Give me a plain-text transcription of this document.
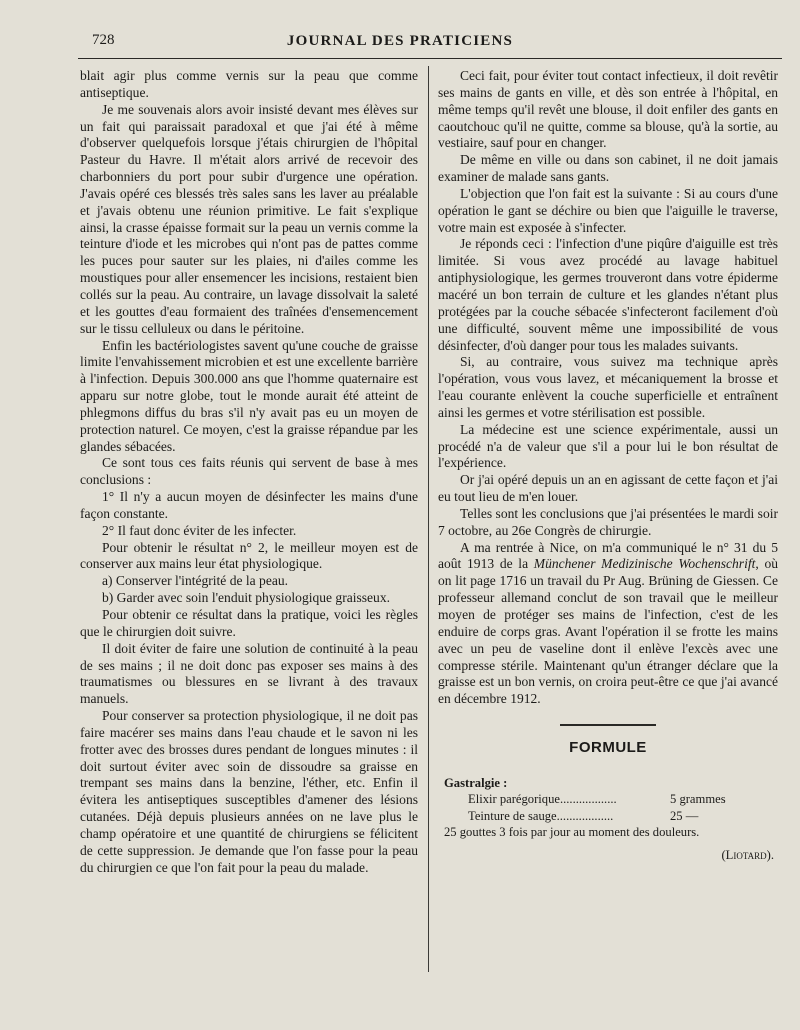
728	JOURNAL DES PRATICIENS

blait agir plus comme vernis sur la peau que comme antiseptique.

Je me souvenais alors avoir insisté devant mes élèves sur un fait qui paraissait paradoxal et que j'ai été à même d'observer quelquefois lorsque j'étais chirurgien de l'hôpital Pasteur du Havre. Il m'était alors arrivé de recevoir des charbonniers du port pour subir d'urgence une opération. J'avais opéré ces blessés très sales sans les laver au préalable et j'avais obtenu une réunion primitive. Le fait s'explique ainsi, la crasse épaisse formait sur la peau un vernis comme la teinture d'iode et les microbes qui n'ont pas de pattes comme les puces pour sauter sur les plaies, ni d'ailes comme les moustiques pour aller ensemencer les incisions, restaient bien collés sur la peau. Au contraire, un lavage dissolvait la saleté et les gouttes d'eau formaient des traînées d'ensemencement sur le tissu celluleux ou dans le péritoine.

Enfin les bactériologistes savent qu'une couche de graisse limite l'envahissement microbien et est une excellente barrière à l'infection. Depuis 300.000 ans que l'homme quaternaire est apparu sur notre globe, tout le monde aurait été atteint de phlegmons diffus du bras s'il n'y avait pas eu un moyen de protection naturel. Ce moyen, c'est la graisse répandue par les glandes sébacées.

Ce sont tous ces faits réunis qui servent de base à mes conclusions :

1° Il n'y a aucun moyen de désinfecter les mains d'une façon constante.

2° Il faut donc éviter de les infecter.

Pour obtenir le résultat n° 2, le meilleur moyen est de conserver aux mains leur état physiologique.

a) Conserver l'intégrité de la peau.

b) Garder avec soin l'enduit physiologique graisseux.

Pour obtenir ce résultat dans la pratique, voici les règles que le chirurgien doit suivre.

Il doit éviter de faire une solution de continuité à la peau de ses mains ; il ne doit donc pas exposer ses mains à des traumatismes ou blessures en se livrant à des travaux manuels.

Pour conserver sa protection physiologique, il ne doit pas faire macérer ses mains dans l'eau chaude et le savon ni les frotter avec des brosses dures pendant de longues minutes : il doit surtout éviter avec soin de dissoudre sa graisse en trempant ses mains dans la benzine, l'éther, etc. Enfin il évitera les antiseptiques susceptibles d'amener des lésions cutanées. Déjà depuis plusieurs années on ne lave plus le champ opératoire et une quantité de chirurgiens se félicitent de cette suppression. Je demande que l'on fasse pour la peau du chirurgien ce que l'on fait pour la peau du malade.

Ceci fait, pour éviter tout contact infectieux, il doit revêtir ses mains de gants en ville, et dès son entrée à l'hôpital, en même temps qu'il revêt une blouse, il doit enfiler des gants en caoutchouc qu'il ne quitte, comme sa blouse, qu'à la sortie, au vestiaire, sauf pour en changer.

De même en ville ou dans son cabinet, il ne doit jamais examiner de malade sans gants.

L'objection que l'on fait est la suivante : Si au cours d'une opération le gant se déchire ou bien que l'aiguille le traverse, votre main est exposée à s'infecter.

Je réponds ceci : l'infection d'une piqûre d'aiguille est très limitée. Si vous avez procédé au lavage habituel antiphysiologique, les germes trouveront dans votre épiderme macéré un bon terrain de culture et les glandes n'étant plus protégées par la couche sébacée s'infecteront facilement d'où une difficulté, souvent même une impossibilité de vous désinfecter, d'où danger pour tous les malades suivants.

Si, au contraire, vous suivez ma technique après l'opération, vous vous lavez, et mécaniquement la brosse et l'eau courante enlèvent la couche superficielle et entraînent ainsi les germes et votre stérilisation est possible.

La médecine est une science expérimentale, aussi un procédé n'a de valeur que s'il a pour lui le bon résultat de l'expérience.

Or j'ai opéré depuis un an en agissant de cette façon et j'ai eu tout lieu de m'en louer.

Telles sont les conclusions que j'ai présentées le mardi soir 7 octobre, au 26e Congrès de chirurgie.

A ma rentrée à Nice, on m'a communiqué le n° 31 du 5 août 1913 de la Münchener Medizinische Wochenschrift, où on lit page 1716 un travail du Pr Aug. Brüning de Giessen. Ce professeur allemand conclut de son travail que le meilleur moyen de protéger ses mains de l'infection, c'est de les enduire de corps gras. Avant l'opération il se frotte les mains avec un peu de vaseline dont il enlève l'excès avec une compresse stérile. Maintenant qu'un étranger déclare que la graisse est un bon vernis, on croira peut-être ce que j'ai avancé en décembre 1912.

FORMULE
Gastralgie :
Elixir parégorique..................	5 grammes
Teinture de sauge..................	25 —
25 gouttes 3 fois par jour au moment des douleurs.
(Liotard).
